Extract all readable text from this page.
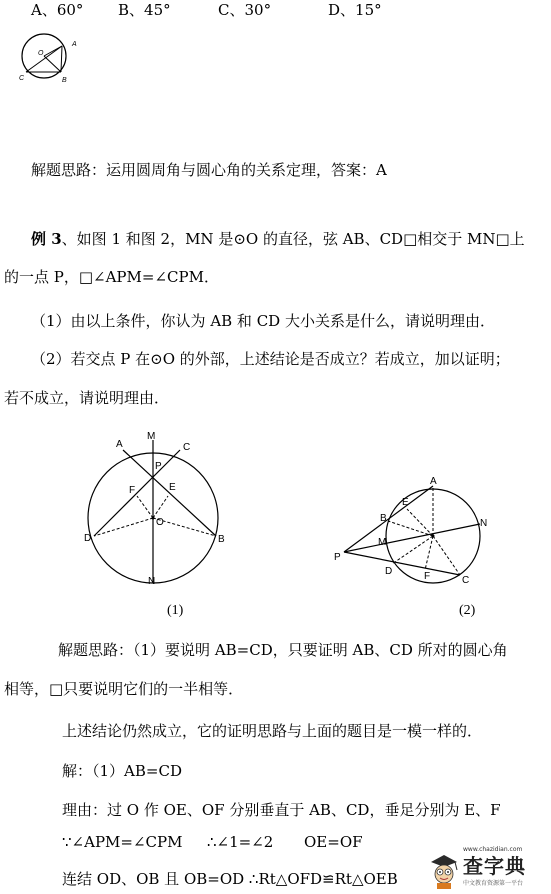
A、60° B、45°	C、30°	D、15°
O
A
C	B
解题思路：运用圆周角与圆心角的关系定理，答案：A
例 3、如图 1 和图 2，MN 是⊙O 的直径，弦 AB、CD□相交于 MN□上
的一点 P，□∠APM=∠CPM．
（1）由以上条件，你认为 AB 和 CD 大小关系是什么，请说明理由．
（2）若交点 P 在⊙O 的外部，上述结论是否成立？若成立，加以证明；
若不成立，请说明理由．
A
M
C
P
F	E
O
D	B
N
(1)
A
E
N
B
M
P
D	F	C
(2)
解题思路：（1）要说明 AB=CD，只要证明 AB、CD 所对的圆心角
相等，□只要说明它们的一半相等．
上述结论仍然成立，它的证明思路与上面的题目是一模一样的．
解：（1）AB=CD
理由：过 O 作 OE、OF 分别垂直于 AB、CD，垂足分别为 E、F
∵∠APM=∠CPM ∴∠1=∠2 OE=OF
连结 OD、OB 且 OB=OD ∴Rt△OFD≌Rt△OEB
www.chazidian.com
查字典
中文教育资源第一平台
